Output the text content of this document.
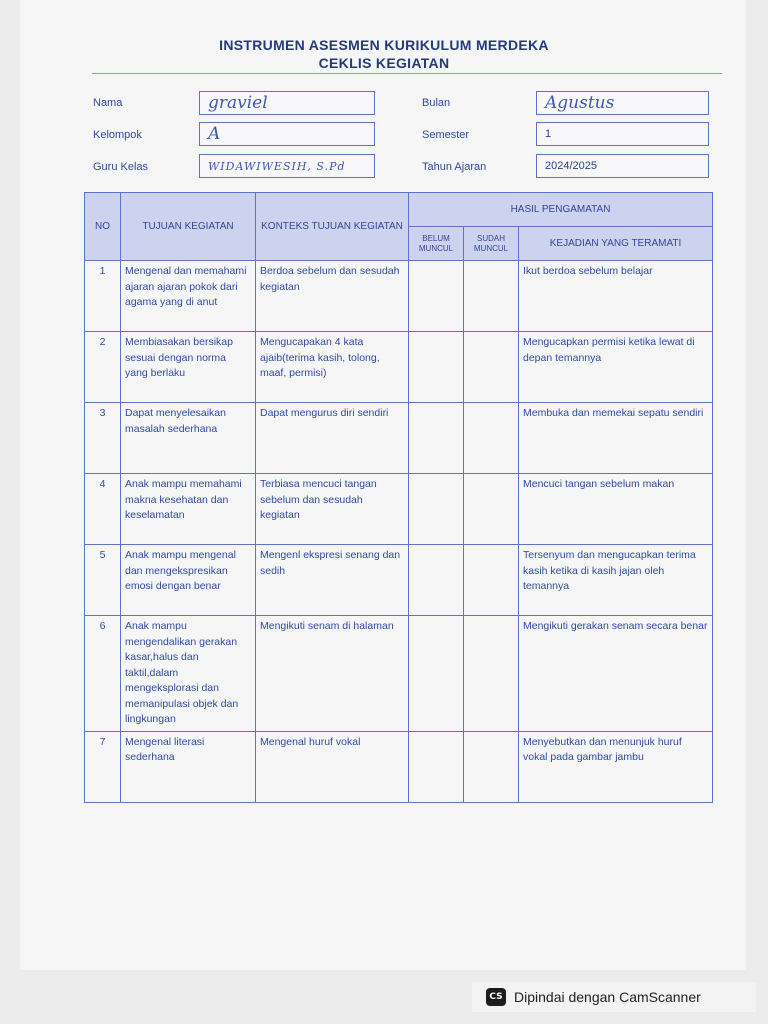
INSTRUMEN ASESMEN KURIKULUM MERDEKA
CEKLIS KEGIATAN
Nama	graviel
Kelompok	A
Guru Kelas	WIDAWIWESIH, S.Pd
Bulan	Agustus
Semester	1
Tahun Ajaran	2024/2025
NO	TUJUAN KEGIATAN	KONTEKS TUJUAN KEGIATAN	HASIL PENGAMATAN		
			BELUM MUNCUL	SUDAH MUNCUL	KEJADIAN YANG TERAMATI
1	Mengenal dan memahami ajaran ajaran pokok dari agama yang di anut	Berdoa sebelum dan sesudah kegiatan			Ikut berdoa sebelum belajar
2	Membiasakan bersikap sesuai dengan norma yang berlaku	Mengucapakan 4 kata ajaib(terima kasih, tolong, maaf, permisi)			Mengucapkan permisi ketika lewat di depan temannya
3	Dapat menyelesaikan masalah sederhana	Dapat mengurus diri sendiri			Membuka dan memekai sepatu sendiri
4	Anak mampu memahami makna kesehatan dan keselamatan	Terbiasa mencuci tangan sebelum dan sesudah kegiatan			Mencuci tangan sebelum makan
5	Anak mampu mengenal dan mengekspresikan emosi dengan benar	Mengenl ekspresi senang dan sedih			Tersenyum dan mengucapkan terima kasih ketika di kasih jajan oleh temannya
6	Anak mampu mengendalikan gerakan kasar,halus dan taktil,dalam mengeksplorasi dan memanipulasi objek dan lingkungan	Mengikuti senam di halaman			Mengikuti gerakan senam secara benar
7	Mengenal literasi sederhana	Mengenal huruf vokal			Menyebutkan dan menunjuk huruf vokal pada gambar jambu
CS Dipindai dengan CamScanner
